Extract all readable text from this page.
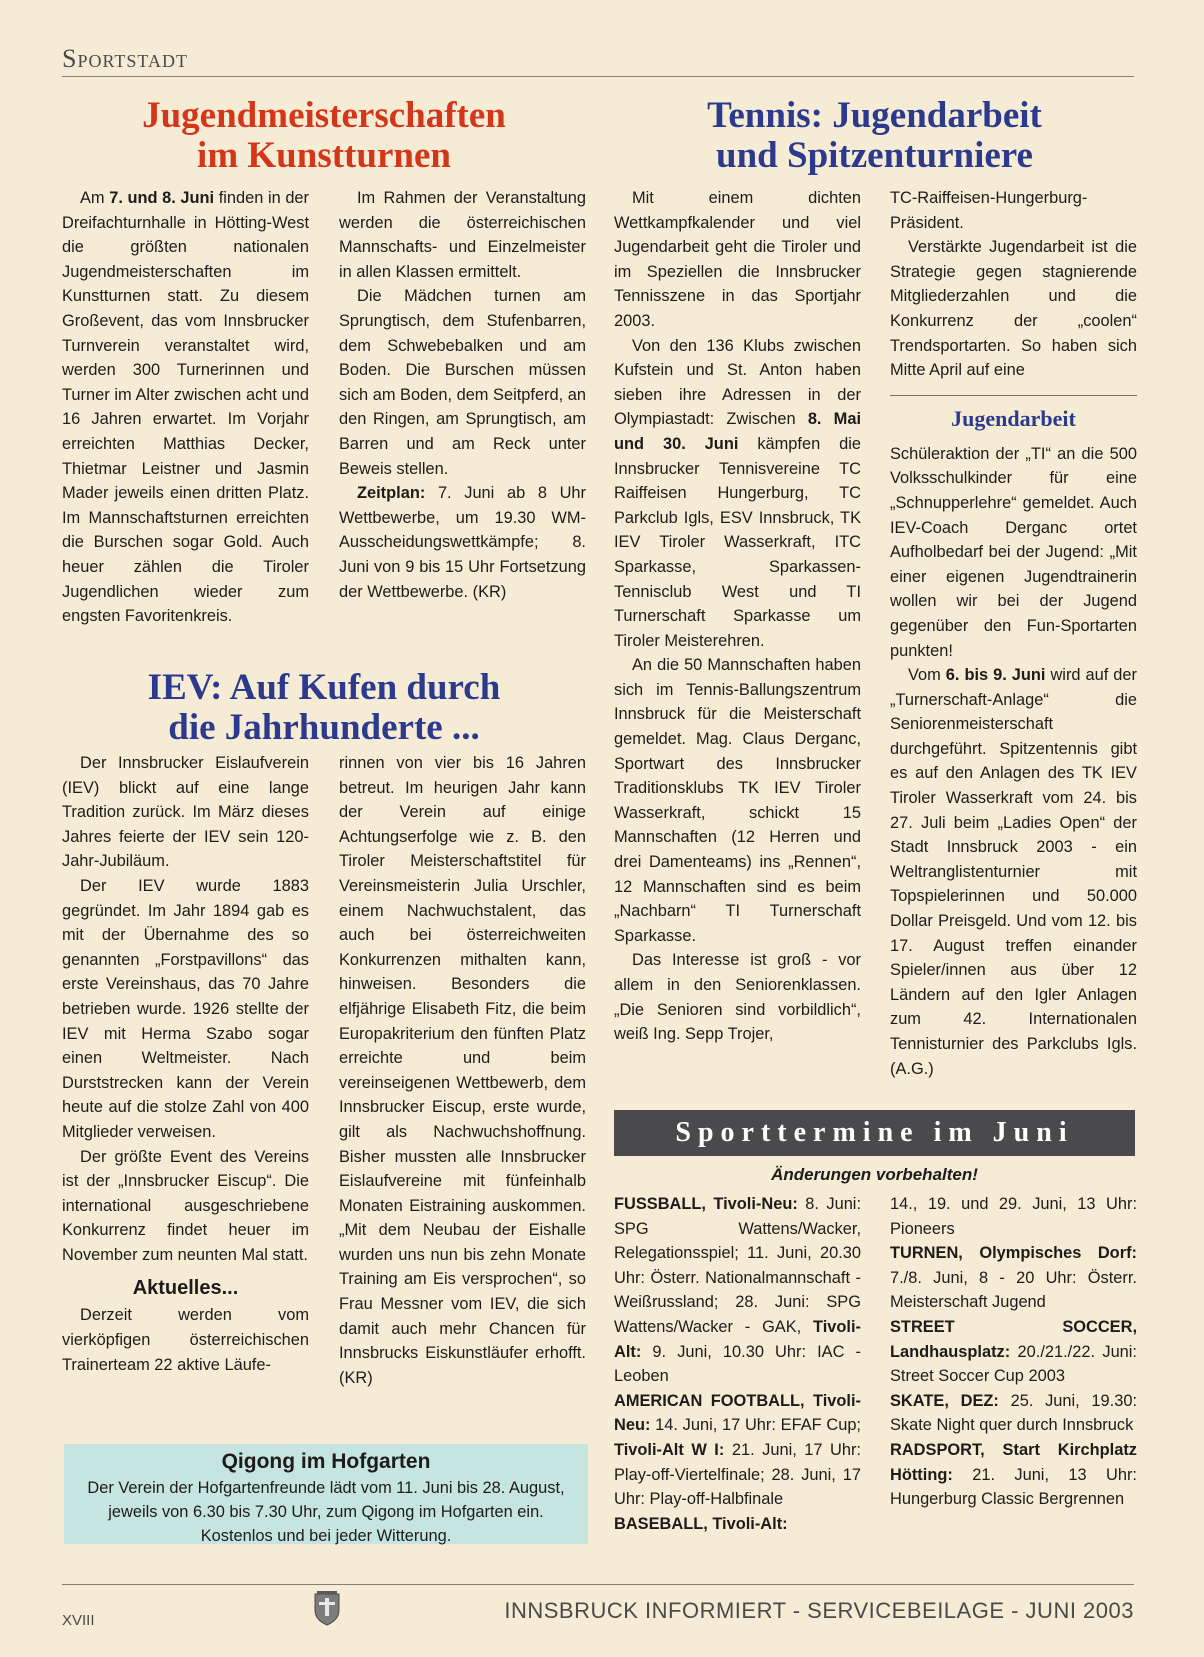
Sportstadt
Jugendmeisterschaften
im Kunstturnen

Am 7. und 8. Juni finden in der Dreifachturnhalle in Hötting-West die größten nationalen Jugendmeisterschaften im Kunstturnen statt. Zu diesem Großevent, das vom Innsbrucker Turnverein veranstaltet wird, werden 300 Turnerinnen und Turner im Alter zwischen acht und 16 Jahren erwartet. Im Vorjahr erreichten Matthias Decker, Thietmar Leistner und Jasmin Mader jeweils einen dritten Platz. Im Mannschaftsturnen erreichten die Burschen sogar Gold. Auch heuer zählen die Tiroler Jugendlichen wieder zum engsten Favoritenkreis.

Im Rahmen der Veranstaltung werden die österreichischen Mannschafts- und Einzelmeister in allen Klassen ermittelt.

Die Mädchen turnen am Sprungtisch, dem Stufenbarren, dem Schwebebalken und am Boden. Die Burschen müssen sich am Boden, dem Seitpferd, an den Ringen, am Sprungtisch, am Barren und am Reck unter Beweis stellen.

Zeitplan: 7. Juni ab 8 Uhr Wettbewerbe, um 19.30 WM-Ausscheidungswettkämpfe; 8. Juni von 9 bis 15 Uhr Fortsetzung der Wettbewerbe. (KR)

IEV: Auf Kufen durch
die Jahrhunderte ...

Der Innsbrucker Eislaufverein (IEV) blickt auf eine lange Tradition zurück. Im März dieses Jahres feierte der IEV sein 120-Jahr-Jubiläum.

Der IEV wurde 1883 gegründet. Im Jahr 1894 gab es mit der Übernahme des so genannten „Forstpavillons“ das erste Vereinshaus, das 70 Jahre betrieben wurde. 1926 stellte der IEV mit Herma Szabo sogar einen Weltmeister. Nach Durststrecken kann der Verein heute auf die stolze Zahl von 400 Mitglieder verweisen.

Der größte Event des Vereins ist der „Innsbrucker Eiscup“. Die international ausgeschriebene Konkurrenz findet heuer im November zum neunten Mal statt.

Aktuelles...

Derzeit werden vom vierköpfigen österreichischen Trainerteam 22 aktive Läufe-

rinnen von vier bis 16 Jahren betreut. Im heurigen Jahr kann der Verein auf einige Achtungserfolge wie z. B. den Tiroler Meisterschaftstitel für Vereinsmeisterin Julia Urschler, einem Nachwuchstalent, das auch bei österreichweiten Konkurrenzen mithalten kann, hinweisen. Besonders die elfjährige Elisabeth Fitz, die beim Europakriterium den fünften Platz erreichte und beim vereinseigenen Wettbewerb, dem Innsbrucker Eiscup, erste wurde, gilt als Nachwuchshoffnung. Bisher mussten alle Innsbrucker Eislaufvereine mit fünfeinhalb Monaten Eistraining auskommen. „Mit dem Neubau der Eishalle wurden uns nun bis zehn Monate Training am Eis versprochen“, so Frau Messner vom IEV, die sich damit auch mehr Chancen für Innsbrucks Eiskunstläufer erhofft. (KR)

Qigong im Hofgarten
Der Verein der Hofgartenfreunde lädt vom 11. Juni bis 28. August, jeweils von 6.30 bis 7.30 Uhr, zum Qigong im Hofgarten ein. Kostenlos und bei jeder Witterung.
Tennis: Jugendarbeit
und Spitzenturniere

Mit einem dichten Wettkampfkalender und viel Jugendarbeit geht die Tiroler und im Speziellen die Innsbrucker Tennisszene in das Sportjahr 2003.

Von den 136 Klubs zwischen Kufstein und St. Anton haben sieben ihre Adressen in der Olympiastadt: Zwischen 8. Mai und 30. Juni kämpfen die Innsbrucker Tennisvereine TC Raiffeisen Hungerburg, TC Parkclub Igls, ESV Innsbruck, TK IEV Tiroler Wasserkraft, ITC Sparkasse, Sparkassen-Tennisclub West und TI Turnerschaft Sparkasse um Tiroler Meisterehren.

An die 50 Mannschaften haben sich im Tennis-Ballungszentrum Innsbruck für die Meisterschaft gemeldet. Mag. Claus Derganc, Sportwart des Innsbrucker Traditionsklubs TK IEV Tiroler Wasserkraft, schickt 15 Mannschaften (12 Herren und drei Damenteams) ins „Rennen“, 12 Mannschaften sind es beim „Nachbarn“ TI Turnerschaft Sparkasse.

Das Interesse ist groß - vor allem in den Seniorenklassen. „Die Senioren sind vorbildlich“, weiß Ing. Sepp Trojer,

TC-Raiffeisen-Hungerburg-Präsident.

Verstärkte Jugendarbeit ist die Strategie gegen stagnierende Mitgliederzahlen und die Konkurrenz der „coolen“ Trendsportarten. So haben sich Mitte April auf eine

Jugendarbeit

Schüleraktion der „TI“ an die 500 Volksschulkinder für eine „Schnupperlehre“ gemeldet. Auch IEV-Coach Derganc ortet Aufholbedarf bei der Jugend: „Mit einer eigenen Jugendtrainerin wollen wir bei der Jugend gegenüber den Fun-Sportarten punkten!

Vom 6. bis 9. Juni wird auf der „Turnerschaft-Anlage“ die Seniorenmeisterschaft durchgeführt. Spitzentennis gibt es auf den Anlagen des TK IEV Tiroler Wasserkraft vom 24. bis 27. Juli beim „Ladies Open“ der Stadt Innsbruck 2003 - ein Weltranglistenturnier mit Topspielerinnen und 50.000 Dollar Preisgeld. Und vom 12. bis 17. August treffen einander Spieler/innen aus über 12 Ländern auf den Igler Anlagen zum 42. Internationalen Tennisturnier des Parkclubs Igls. (A.G.)

Sporttermine im Juni
Änderungen vorbehalten!

FUSSBALL, Tivoli-Neu: 8. Juni: SPG Wattens/Wacker, Relegationsspiel; 11. Juni, 20.30 Uhr: Österr. Nationalmannschaft - Weißrussland; 28. Juni: SPG Wattens/Wacker - GAK, Tivoli-Alt: 9. Juni, 10.30 Uhr: IAC - Leoben

AMERICAN FOOTBALL, Tivoli-Neu: 14. Juni, 17 Uhr: EFAF Cup; Tivoli-Alt W I: 21. Juni, 17 Uhr: Play-off-Viertelfinale; 28. Juni, 17 Uhr: Play-off-Halbfinale

BASEBALL, Tivoli-Alt:

14., 19. und 29. Juni, 13 Uhr: Pioneers

TURNEN, Olympisches Dorf: 7./8. Juni, 8 - 20 Uhr: Österr. Meisterschaft Jugend

STREET SOCCER, Landhausplatz: 20./21./22. Juni: Street Soccer Cup 2003

SKATE, DEZ: 25. Juni, 19.30: Skate Night quer durch Innsbruck

RADSPORT, Start Kirchplatz Hötting: 21. Juni, 13 Uhr: Hungerburg Classic Bergrennen

XVIII	INNSBRUCK INFORMIERT - SERVICEBEILAGE - JUNI 2003
